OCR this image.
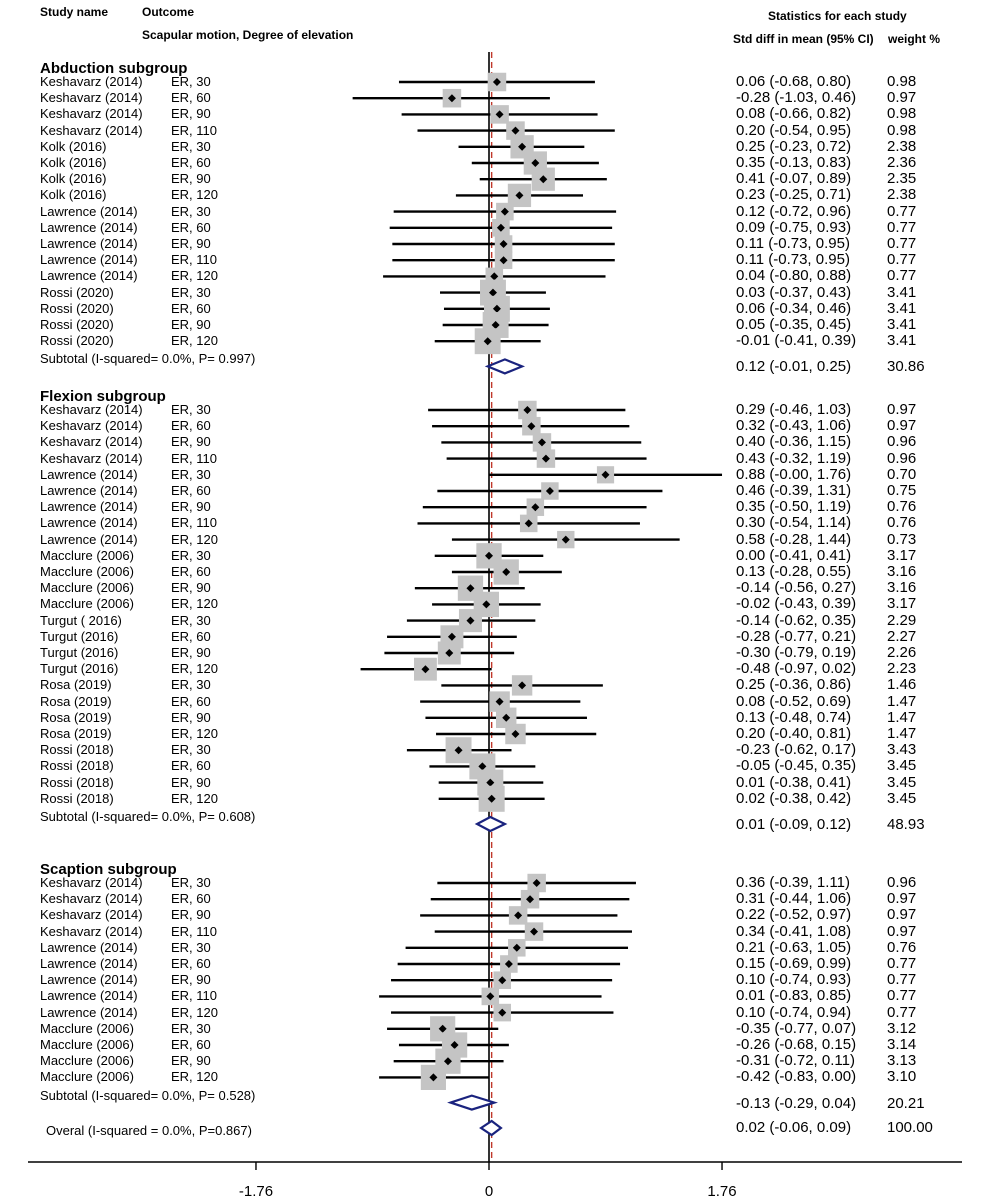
Study name	Outcome
Scapular motion, Degree of elevation
Statistics for each study
Std diff in mean (95% CI) weight %
Abduction subgroup
Keshavarz (2014) ER, 30	0.06 (-0.68, 0.80) 0.98
Keshavarz (2014) ER, 60	-0.28 (-1.03, 0.46) 0.97
Keshavarz (2014) ER, 90	0.08 (-0.66, 0.82) 0.98
Keshavarz (2014) ER, 110	0.20 (-0.54, 0.95) 0.98
Kolk (2016)	ER, 30	0.25 (-0.23, 0.72) 2.38
Kolk (2016)	ER, 60	0.35 (-0.13, 0.83) 2.36
Kolk (2016)	ER, 90	0.41 (-0.07, 0.89) 2.35
Kolk (2016)	ER, 120	0.23 (-0.25, 0.71) 2.38
Lawrence (2014)	ER, 30	0.12 (-0.72, 0.96) 0.77
Lawrence (2014)	ER, 60	0.09 (-0.75, 0.93) 0.77
Lawrence (2014)	ER, 90	0.11 (-0.73, 0.95) 0.77
Lawrence (2014)	ER, 110	0.11 (-0.73, 0.95) 0.77
Lawrence (2014)	ER, 120	0.04 (-0.80, 0.88) 0.77
Rossi (2020)	ER, 30	0.03 (-0.37, 0.43) 3.41
Rossi (2020)	ER, 60	0.06 (-0.34, 0.46) 3.41
Rossi (2020)	ER, 90	0.05 (-0.35, 0.45) 3.41
Rossi (2020)	ER, 120	-0.01 (-0.41, 0.39) 3.41
Subtotal (I-squared= 0.0%, P= 0.997)	0.12 (-0.01, 0.25) 30.86
Flexion subgroup
Keshavarz (2014) ER, 30	0.29 (-0.46, 1.03) 0.97
Keshavarz (2014) ER, 60	0.32 (-0.43, 1.06) 0.97
Keshavarz (2014) ER, 90	0.40 (-0.36, 1.15) 0.96
Keshavarz (2014) ER, 110	0.43 (-0.32, 1.19) 0.96
Lawrence (2014)	ER, 30	0.88 (-0.00, 1.76) 0.70
Lawrence (2014)	ER, 60	0.46 (-0.39, 1.31) 0.75
Lawrence (2014)	ER, 90	0.35 (-0.50, 1.19) 0.76
Lawrence (2014)	ER, 110	0.30 (-0.54, 1.14) 0.76
Lawrence (2014)	ER, 120	0.58 (-0.28, 1.44) 0.73
Macclure (2006)	ER, 30	0.00 (-0.41, 0.41) 3.17
Macclure (2006)	ER, 60	0.13 (-0.28, 0.55) 3.16
Macclure (2006)	ER, 90	-0.14 (-0.56, 0.27) 3.16
Macclure (2006)	ER, 120	-0.02 (-0.43, 0.39) 3.17
Turgut ( 2016)	ER, 30	-0.14 (-0.62, 0.35) 2.29
Turgut (2016)	ER, 60	-0.28 (-0.77, 0.21) 2.27
Turgut (2016)	ER, 90	-0.30 (-0.79, 0.19) 2.26
Turgut (2016)	ER, 120	-0.48 (-0.97, 0.02) 2.23
Rosa (2019)	ER, 30	0.25 (-0.36, 0.86) 1.46
Rosa (2019)	ER, 60	0.08 (-0.52, 0.69) 1.47
Rosa (2019)	ER, 90	0.13 (-0.48, 0.74) 1.47
Rosa (2019)	ER, 120	0.20 (-0.40, 0.81) 1.47
Rossi (2018)	ER, 30	-0.23 (-0.62, 0.17) 3.43
Rossi (2018)	ER, 60	-0.05 (-0.45, 0.35) 3.45
Rossi (2018)	ER, 90	0.01 (-0.38, 0.41) 3.45
Rossi (2018)	ER, 120	0.02 (-0.38, 0.42) 3.45
Subtotal (I-squared= 0.0%, P= 0.608)	0.01 (-0.09, 0.12) 48.93
Scaption subgroup
Keshavarz (2014) ER, 30	0.36 (-0.39, 1.11) 0.96
Keshavarz (2014) ER, 60	0.31 (-0.44, 1.06) 0.97
Keshavarz (2014) ER, 90	0.22 (-0.52, 0.97) 0.97
Keshavarz (2014) ER, 110	0.34 (-0.41, 1.08) 0.97
Lawrence (2014)	ER, 30	0.21 (-0.63, 1.05) 0.76
Lawrence (2014)	ER, 60	0.15 (-0.69, 0.99) 0.77
Lawrence (2014)	ER, 90	0.10 (-0.74, 0.93) 0.77
Lawrence (2014)	ER, 110	0.01 (-0.83, 0.85) 0.77
Lawrence (2014)	ER, 120	0.10 (-0.74, 0.94) 0.77
Macclure (2006)	ER, 30	-0.35 (-0.77, 0.07) 3.12
Macclure (2006)	ER, 60	-0.26 (-0.68, 0.15) 3.14
Macclure (2006)	ER, 90	-0.31 (-0.72, 0.11) 3.13
Macclure (2006)	ER, 120	-0.42 (-0.83, 0.00) 3.10
Subtotal (I-squared= 0.0%, P= 0.528)	-0.13 (-0.29, 0.04) 20.21
Overal (I-squared = 0.0%, P=0.867)	0.02 (-0.06, 0.09) 100.00
-1.76	0	1.76
